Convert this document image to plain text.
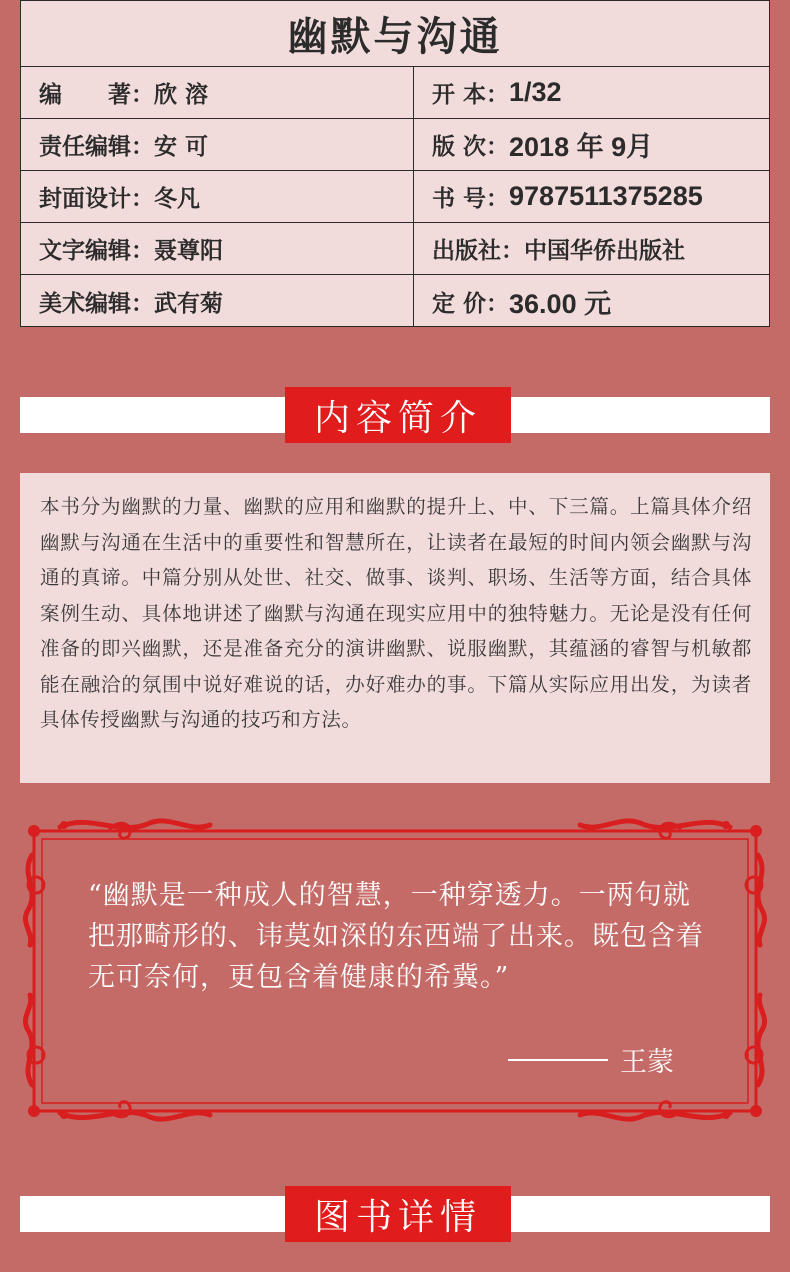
幽默与沟通
编　　著： 欣 溶	开 本： 1/32
责任编辑： 安 可	版 次： 2018 年 9月
封面设计： 冬凡	书 号： 9787511375285
文字编辑： 聂尊阳	出版社： 中国华侨出版社
美术编辑： 武有菊	定 价： 36.00 元
内容简介
本书分为幽默的力量、幽默的应用和幽默的提升上、中、下三篇。上篇具体介绍幽默与沟通在生活中的重要性和智慧所在，让读者在最短的时间内领会幽默与沟通的真谛。中篇分别从处世、社交、做事、谈判、职场、生活等方面，结合具体案例生动、具体地讲述了幽默与沟通在现实应用中的独特魅力。无论是没有任何准备的即兴幽默，还是准备充分的演讲幽默、说服幽默，其蕴涵的睿智与机敏都能在融洽的氛围中说好难说的话，办好难办的事。下篇从实际应用出发，为读者具体传授幽默与沟通的技巧和方法。
“幽默是一种成人的智慧，一种穿透力。一两句就把那畸形的、讳莫如深的东西端了出来。既包含着无可奈何，更包含着健康的希冀。”
王蒙
图书详情
